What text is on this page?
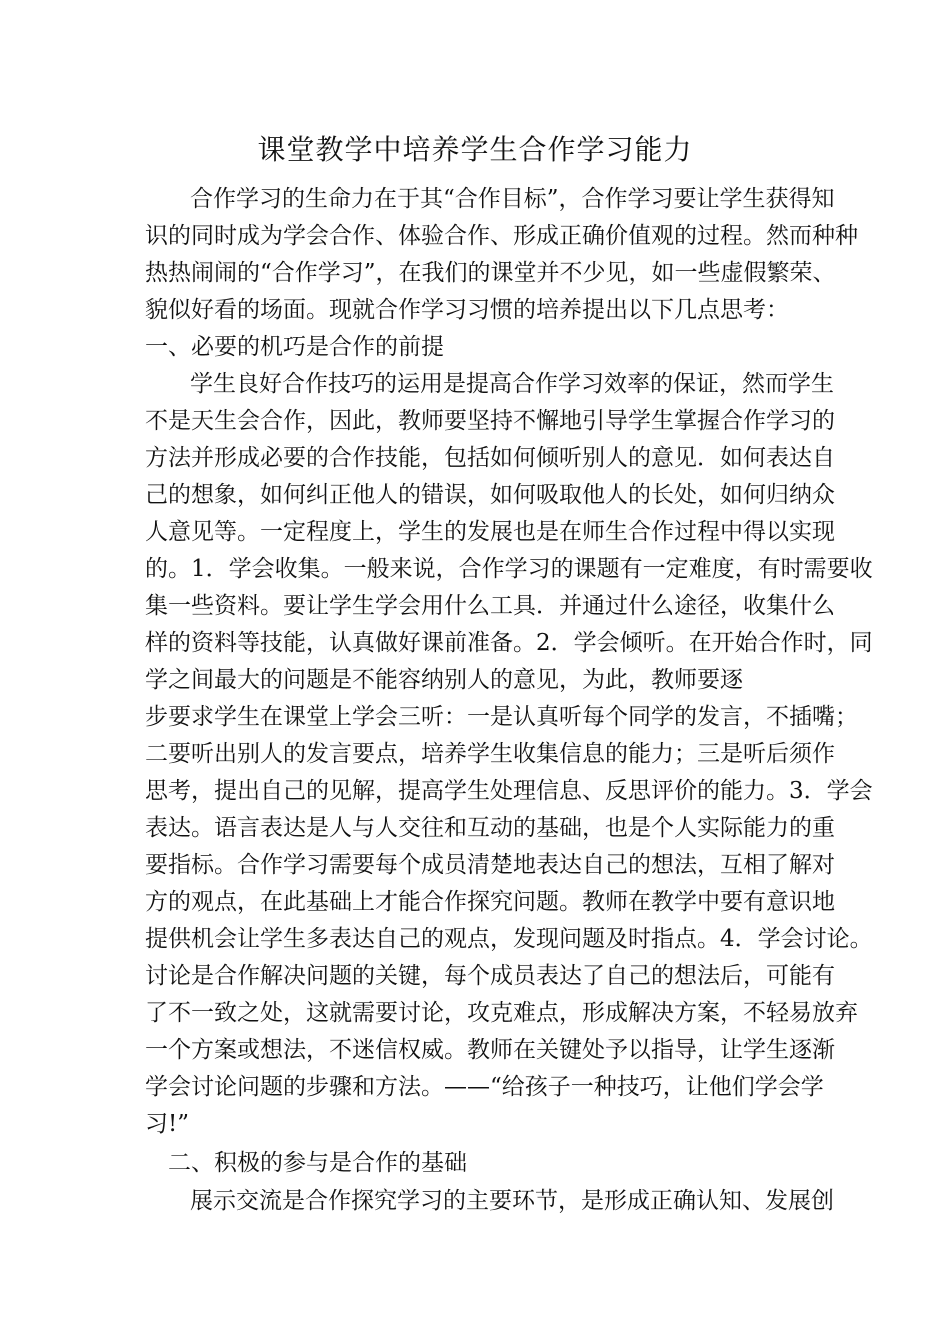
课堂教学中培养学生合作学习能力
合作学习的生命力在于其“合作目标”，合作学习要让学生获得知
识的同时成为学会合作、体验合作、形成正确价值观的过程。然而种种
热热闹闹的“合作学习”，在我们的课堂并不少见，如一些虚假繁荣、
貌似好看的场面。现就合作学习习惯的培养提出以下几点思考：
一、必要的机巧是合作的前提
学生良好合作技巧的运用是提高合作学习效率的保证，然而学生
不是天生会合作，因此，教师要坚持不懈地引导学生掌握合作学习的
方法并形成必要的合作技能，包括如何倾听别人的意见．如何表达自
己的想象，如何纠正他人的错误，如何吸取他人的长处，如何归纳众
人意见等。一定程度上，学生的发展也是在师生合作过程中得以实现
的。1．学会收集。一般来说，合作学习的课题有一定难度，有时需要收
集一些资料。要让学生学会用什么工具．并通过什么途径，收集什么
样的资料等技能，认真做好课前准备。2．学会倾听。在开始合作时，同
学之间最大的问题是不能容纳别人的意见，为此，教师要逐
步要求学生在课堂上学会三听：一是认真听每个同学的发言，不插嘴；
二要听出别人的发言要点，培养学生收集信息的能力；三是听后须作
思考，提出自己的见解，提高学生处理信息、反思评价的能力。3．学会
表达。语言表达是人与人交往和互动的基础，也是个人实际能力的重
要指标。合作学习需要每个成员清楚地表达自己的想法，互相了解对
方的观点，在此基础上才能合作探究问题。教师在教学中要有意识地
提供机会让学生多表达自己的观点，发现问题及时指点。4．学会讨论。
讨论是合作解决问题的关键，每个成员表达了自己的想法后，可能有
了不一致之处，这就需要讨论，攻克难点，形成解决方案，不轻易放弃
一个方案或想法，不迷信权威。教师在关键处予以指导，让学生逐渐
学会讨论问题的步骤和方法。——“给孩子一种技巧，让他们学会学
习!”
二、积极的参与是合作的基础
展示交流是合作探究学习的主要环节，是形成正确认知、发展创
